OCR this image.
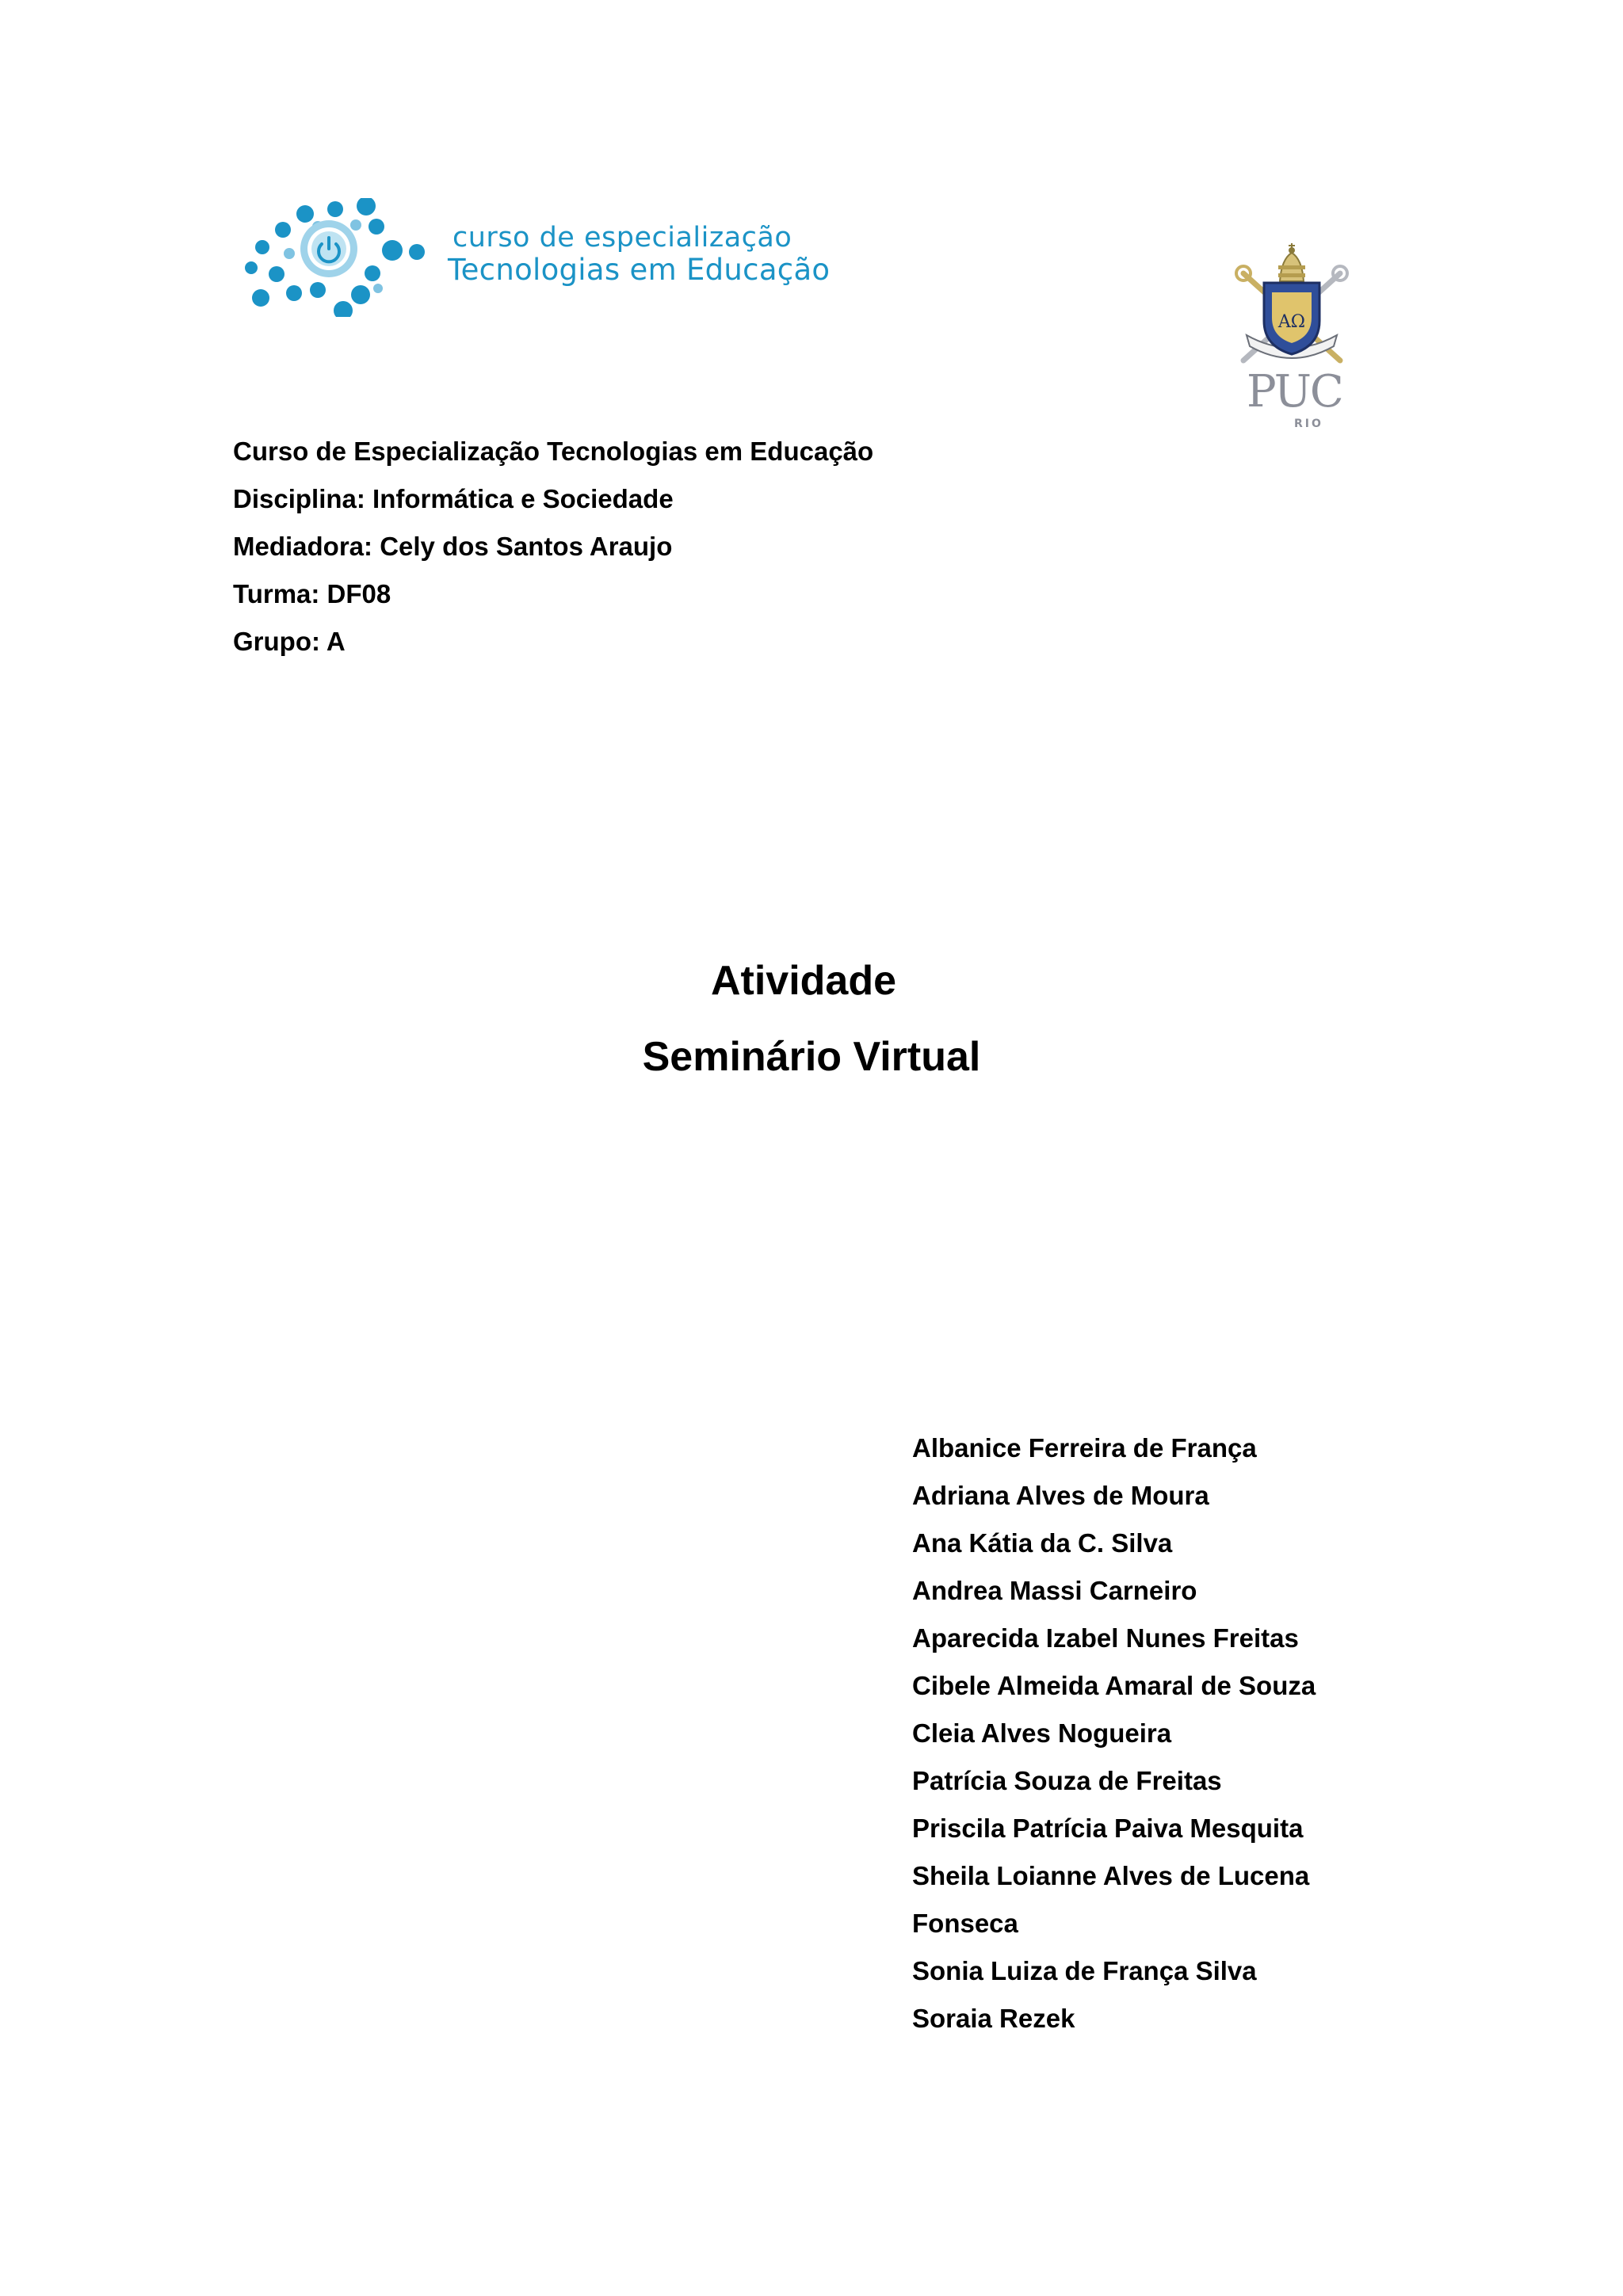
curso de especialização
Tecnologias em Educação
ΑΩ
PUC
RIO
Curso de Especialização Tecnologias em Educação
Disciplina: Informática e Sociedade
Mediadora: Cely dos Santos Araujo
Turma: DF08
Grupo: A
Atividade
Seminário Virtual
Albanice Ferreira de França
Adriana Alves de Moura
Ana Kátia da C. Silva
Andrea Massi Carneiro
Aparecida Izabel Nunes Freitas
Cibele Almeida Amaral de Souza
Cleia Alves Nogueira
Patrícia Souza de Freitas
Priscila Patrícia Paiva Mesquita
Sheila Loianne Alves de Lucena
Fonseca
Sonia Luiza de França Silva
Soraia Rezek
